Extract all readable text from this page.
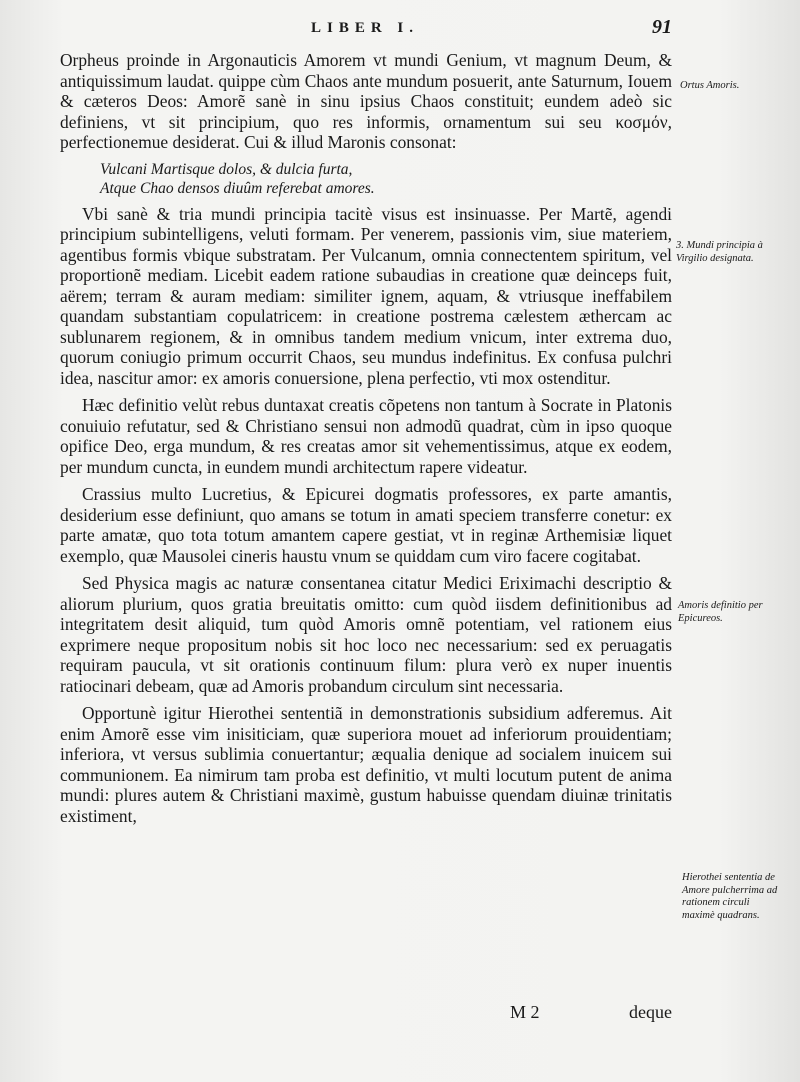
LIBER I.	91

Orpheus proinde in Argonauticis Amorem vt mundi Genium, vt magnum Deum, & antiquissimum laudat. quippe cùm Chaos ante mundum posuerit, ante Saturnum, Iouem & cæteros Deos: Amorẽ sanè in sinu ipsius Chaos constituit; eundem adeò sic definiens, vt sit principium, quo res informis, ornamentum sui seu κοσμόν, perfectionemue desiderat. Cui & illud Maronis consonat:

Vulcani Martisque dolos, & dulcia furta,
Atque Chao densos diuûm referebat amores.

Vbi sanè & tria mundi principia tacitè visus est insinuasse. Per Martẽ, agendi principium subintelligens, veluti formam. Per venerem, passionis vim, siue materiem, agentibus formis vbique substratam. Per Vulcanum, omnia connectentem spiritum, vel proportionẽ mediam. Licebit eadem ratione subaudias in creatione quæ deinceps fuit, aërem; terram & auram mediam: similiter ignem, aquam, & vtriusque ineffabilem quandam substantiam copulatricem: in creatione postrema cælestem æthercam ac sublunarem regionem, & in omnibus tandem medium vnicum, inter extrema duo, quorum coniugio primum occurrit Chaos, seu mundus indefinitus. Ex confusa pulchri idea, nascitur amor: ex amoris conuersione, plena perfectio, vti mox ostenditur.

Hæc definitio velùt rebus duntaxat creatis cõpetens non tantum à Socrate in Platonis conuiuio refutatur, sed & Christiano sensui non admodũ quadrat, cùm in ipso quoque opifice Deo, erga mundum, & res creatas amor sit vehementissimus, atque ex eodem, per mundum cuncta, in eundem mundi architectum rapere videatur.

Crassius multo Lucretius, & Epicurei dogmatis professores, ex parte amantis, desiderium esse definiunt, quo amans se totum in amati speciem transferre conetur: ex parte amatæ, quo tota totum amantem capere gestiat, vt in reginæ Arthemisiæ liquet exemplo, quæ Mausolei cineris haustu vnum se quiddam cum viro facere cogitabat.

Sed Physica magis ac naturæ consentanea citatur Medici Eriximachi descriptio & aliorum plurium, quos gratia breuitatis omitto: cum quòd iisdem definitionibus ad integritatem desit aliquid, tum quòd Amoris omnẽ potentiam, vel rationem eius exprimere neque propositum nobis sit hoc loco nec necessarium: sed ex peruagatis requiram paucula, vt sit orationis continuum filum: plura verò ex nuper inuentis ratiocinari debeam, quæ ad Amoris probandum circulum sint necessaria.

Opportunè igitur Hierothei sententiã in demonstrationis subsidium adferemus. Ait enim Amorẽ esse vim inisiticiam, quæ superiora mouet ad inferiorum prouidentiam; inferiora, vt versus sublimia conuertantur; æqualia denique ad socialem inuicem sui communionem. Ea nimirum tam proba est definitio, vt multi locutum putent de anima mundi: plures autem & Christiani maximè, gustum habuisse quendam diuinæ trinitatis existiment,

Ortus Amoris.
3. Mundi principia à Virgilio designata.
Amoris definitio per Epicureos.
Hierothei sententia de Amore pulcherrima ad rationem circuli maximè quadrans.
M 2	deque
